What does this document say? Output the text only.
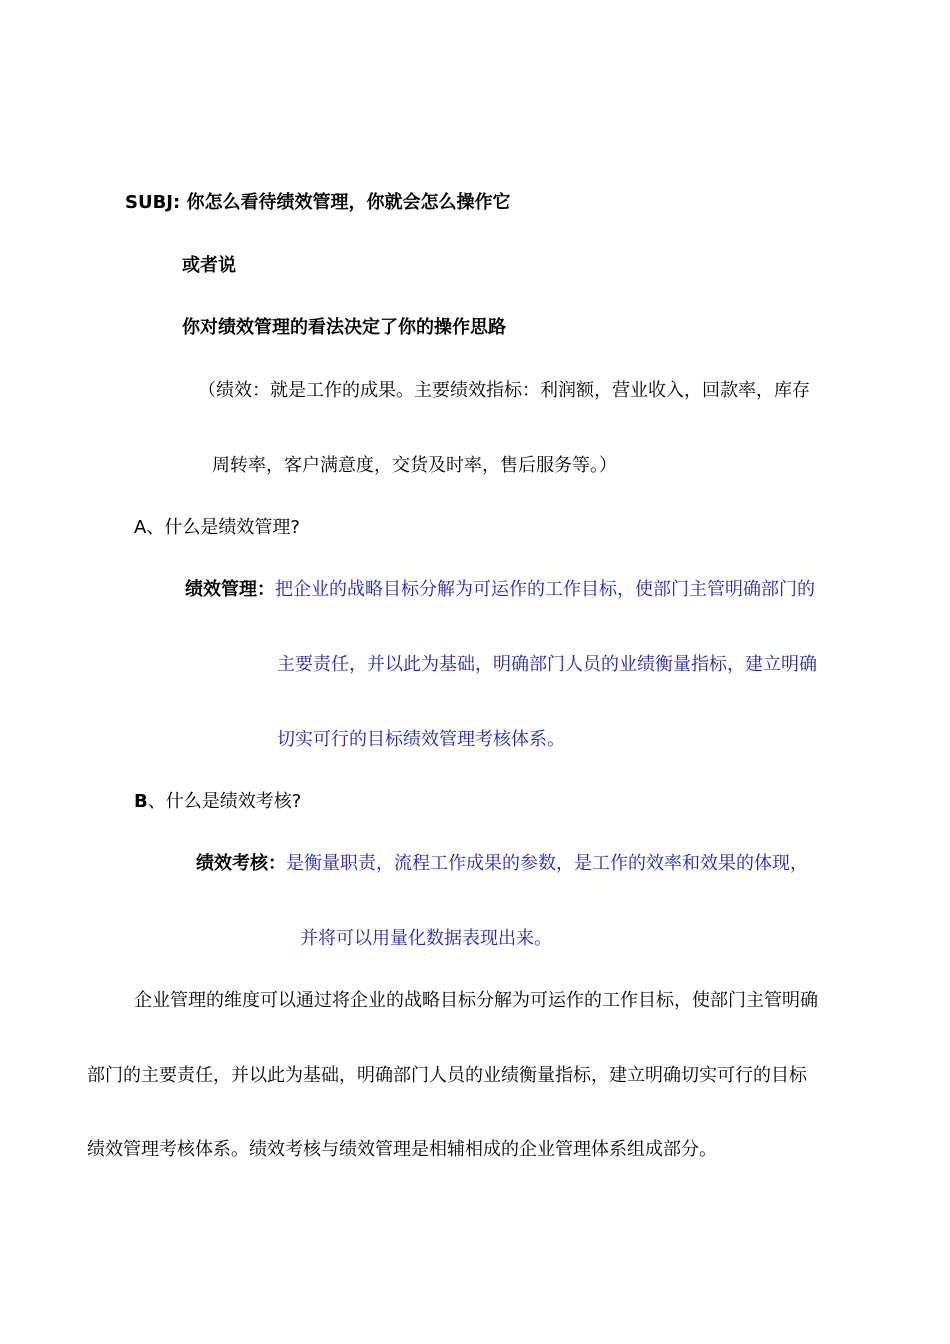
SUBJ: 你怎么看待绩效管理，你就会怎么操作它
或者说
你对绩效管理的看法决定了你的操作思路
（绩效：就是工作的成果。主要绩效指标：利润额，营业收入，回款率，库存
周转率，客户满意度，交货及时率，售后服务等。）
A、什么是绩效管理?
绩效管理：把企业的战略目标分解为可运作的工作目标，使部门主管明确部门的
主要责任，并以此为基础，明确部门人员的业绩衡量指标，建立明确
切实可行的目标绩效管理考核体系。
B、什么是绩效考核?
绩效考核：是衡量职责，流程工作成果的参数，是工作的效率和效果的体现，
并将可以用量化数据表现出来。
企业管理的维度可以通过将企业的战略目标分解为可运作的工作目标，使部门主管明确
部门的主要责任，并以此为基础，明确部门人员的业绩衡量指标，建立明确切实可行的目标
绩效管理考核体系。绩效考核与绩效管理是相辅相成的企业管理体系组成部分。
